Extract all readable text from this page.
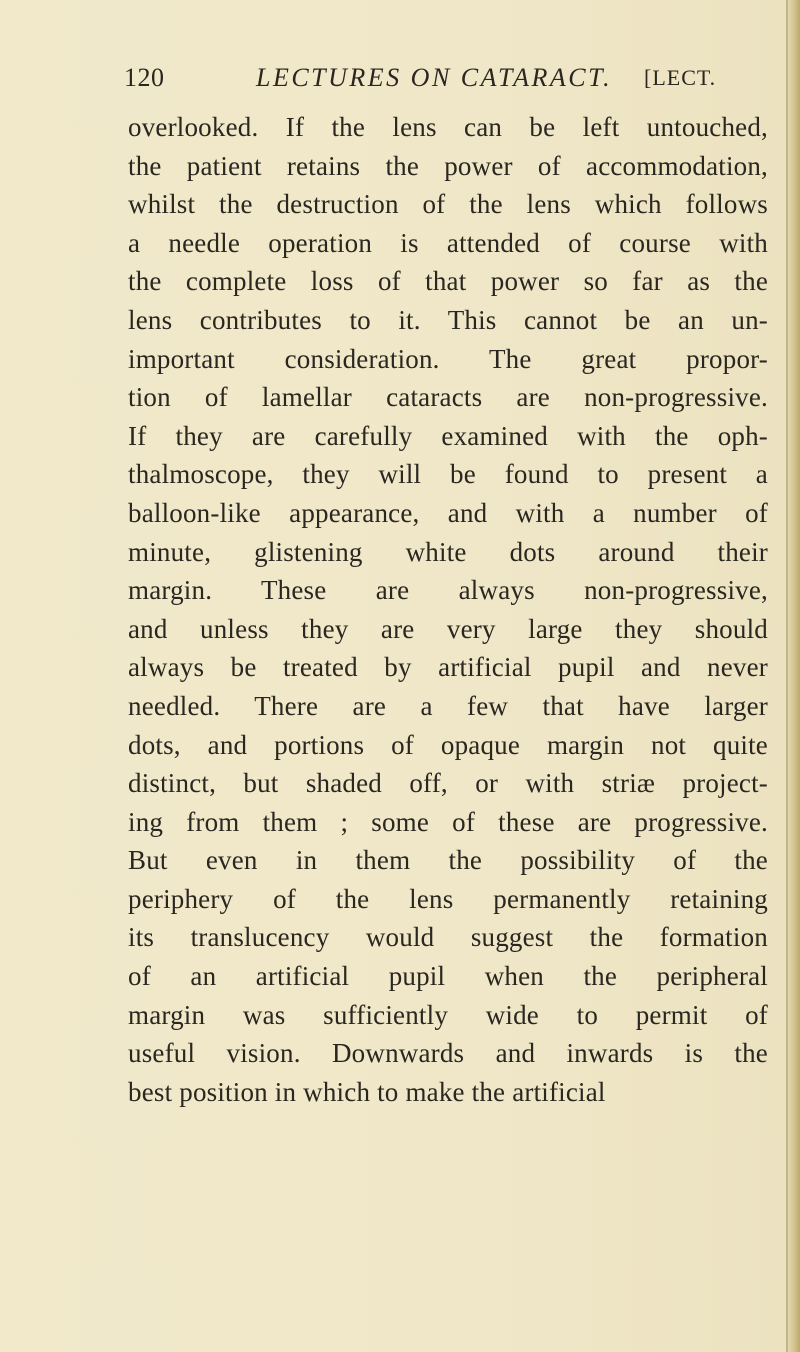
120	LECTURES ON CATARACT. [LECT.
overlooked. If the lens can be left untouched,
the patient retains the power of accommodation,
whilst the destruction of the lens which follows
a needle operation is attended of course with
the complete loss of that power so far as the
lens contributes to it. This cannot be an un-
important consideration. The great propor-
tion of lamellar cataracts are non-progressive.
If they are carefully examined with the oph-
thalmoscope, they will be found to present a
balloon-like appearance, and with a number of
minute, glistening white dots around their
margin. These are always non-progressive,
and unless they are very large they should
always be treated by artificial pupil and never
needled. There are a few that have larger
dots, and portions of opaque margin not quite
distinct, but shaded off, or with striæ project-
ing from them ; some of these are progressive.
But even in them the possibility of the
periphery of the lens permanently retaining
its translucency would suggest the formation
of an artificial pupil when the peripheral
margin was sufficiently wide to permit of
useful vision. Downwards and inwards is the
best position in which to make the artificial
